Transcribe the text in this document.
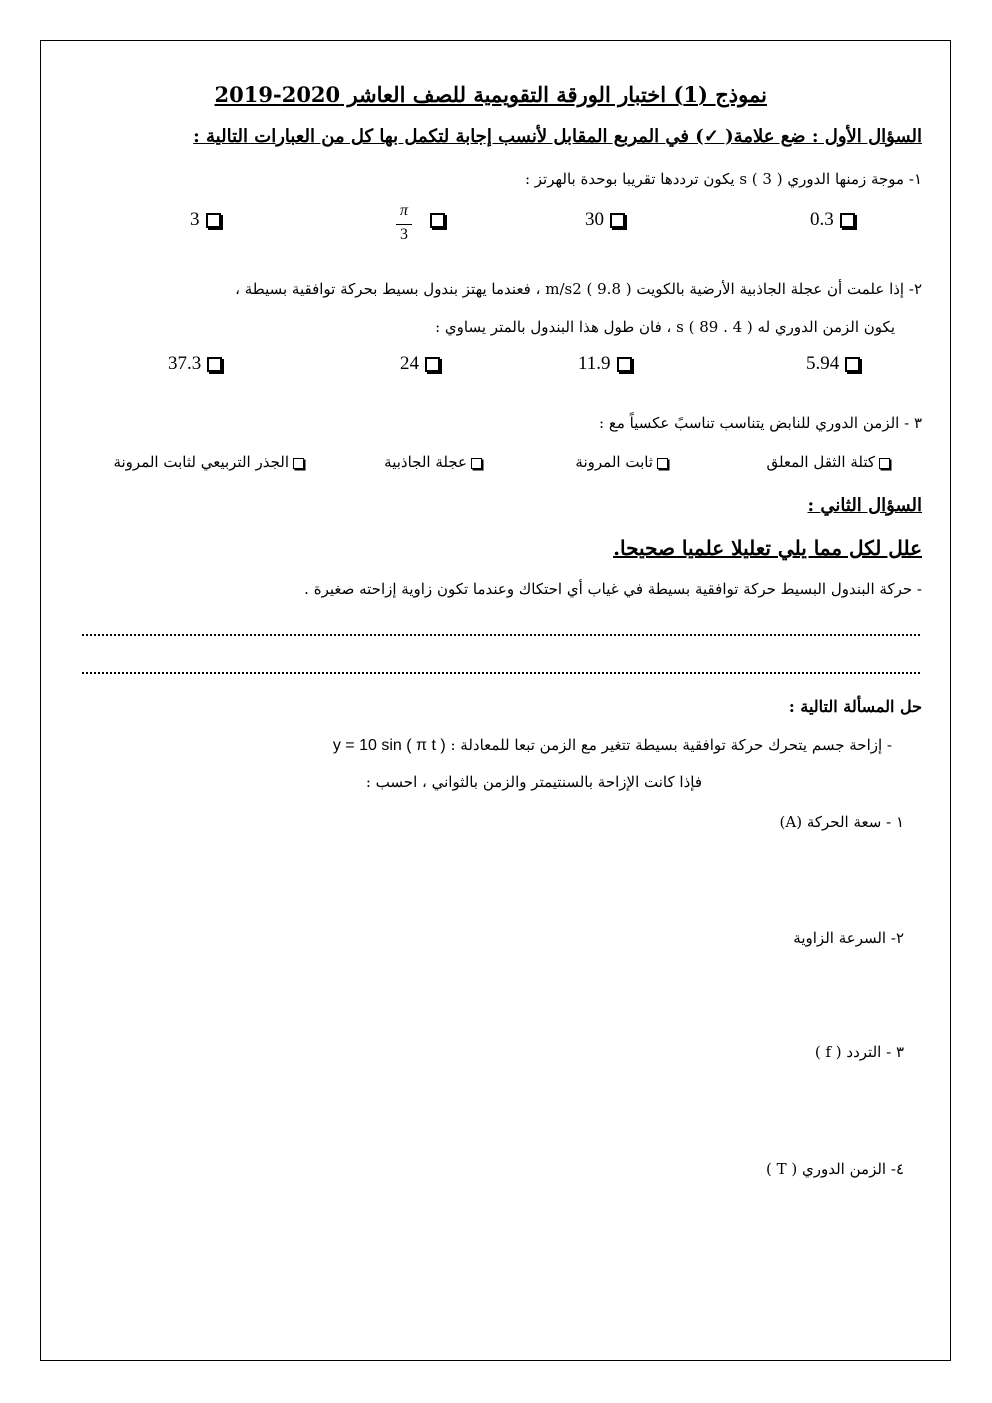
نموذج (1) اختبار الورقة التقويمية للصف العاشر 2020-2019
السؤال الأول : ضع علامة( ✓) في المربع المقابل لأنسب إجابة لتكمل بها كل من العبارات التالية :
١- موجة زمنها الدوري s ( 3 ) يكون ترددها تقريبا بوحدة بالهرتز :
0.3
30
π
3
3
٢- إذا علمت أن عجلة الجاذبية الأرضية بالكويت m/s2 ( 9.8 ) ، فعندما يهتز بندول بسيط بحركة توافقية بسيطة ،
يكون الزمن الدوري له s ( 89 . 4 ) ، فان طول هذا البندول بالمتر يساوي :
5.94
11.9
24
37.3
٣ - الزمن الدوري للنابض يتناسب تناسبً عكسياً مع :
كتلة الثقل المعلق
ثابت المرونة
عجلة الجاذبية
الجذر التربيعي لثابت المرونة
السؤال الثاني :
علل لكل مما يلي تعليلا علميا صحيحا.
- حركة البندول البسيط حركة توافقية بسيطة في غياب أي احتكاك وعندما تكون زاوية إزاحته صغيرة .
حل المسألة التالية :
- إزاحة جسم يتحرك حركة توافقية بسيطة تتغير مع الزمن تبعا للمعادلة : y = 10 sin ( π t )
فإذا كانت الإزاحة بالسنتيمتر والزمن بالثواني ، احسب :
١ - سعة الحركة (A)
٢- السرعة الزاوية
٣ - التردد ( f )
٤- الزمن الدوري ( T )
